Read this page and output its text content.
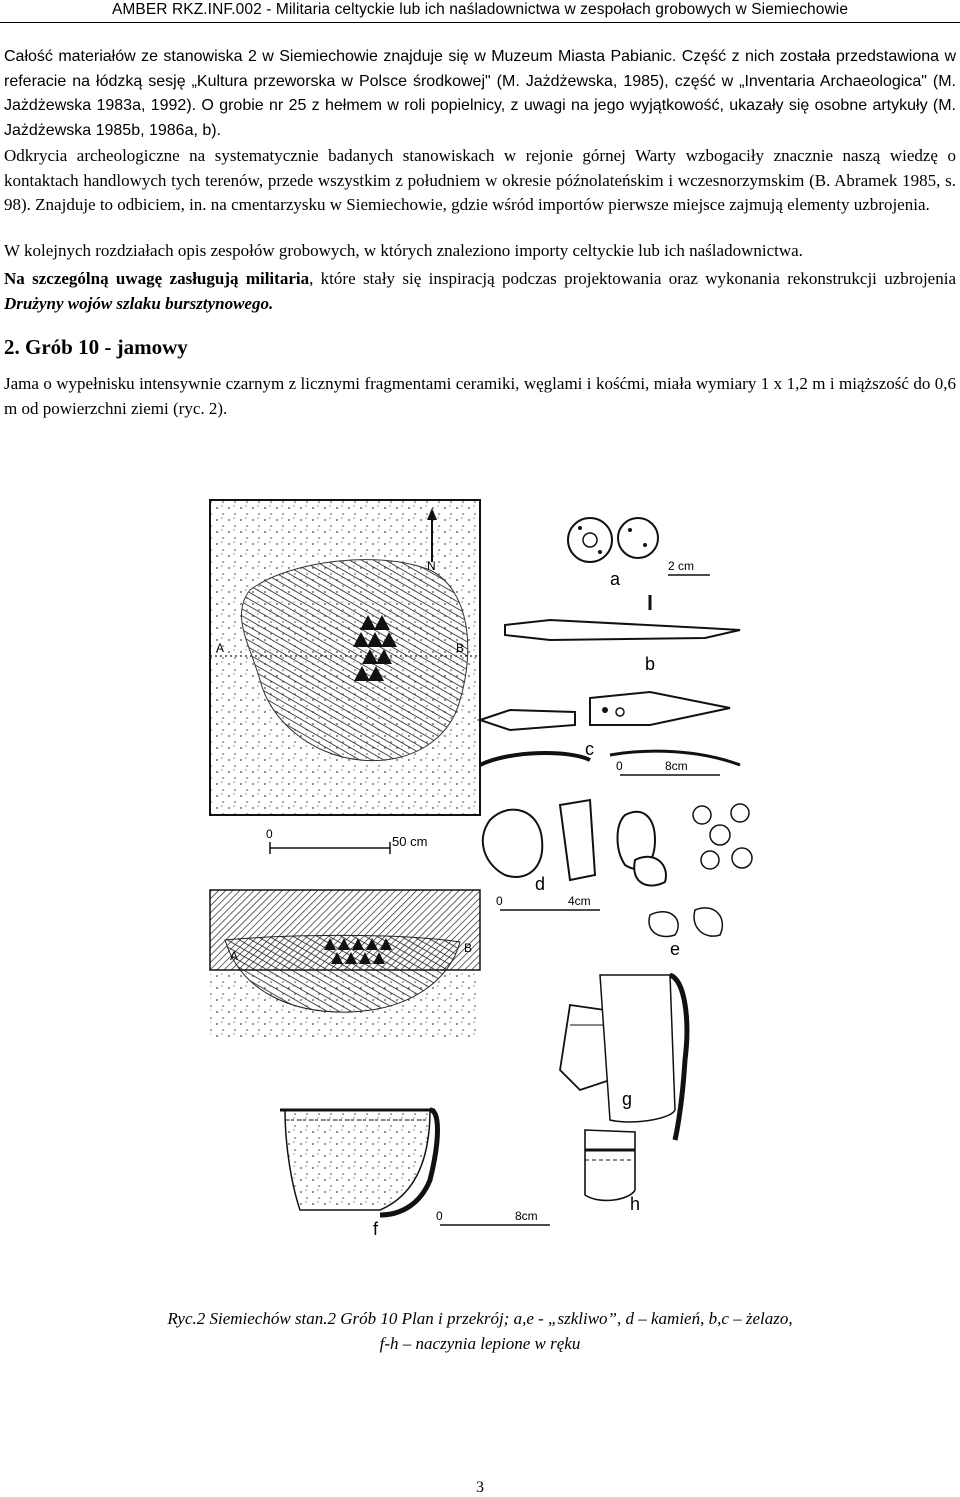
AMBER RKZ.INF.002 - Militaria celtyckie lub ich naśladownictwa w zespołach grobowych w Siemiechowie

Całość materiałów ze stanowiska 2 w Siemiechowie znajduje się w Muzeum Miasta Pabianic. Część z nich została przedstawiona w referacie na łódzką sesję „Kultura przeworska w Polsce środkowej" (M. Jażdżewska, 1985), część w „Inventaria Archaeologica" (M. Jażdżewska 1983a, 1992). O grobie nr 25 z hełmem w roli popielnicy, z uwagi na jego wyjątkowość, ukazały się osobne artykuły (M. Jażdżewska 1985b, 1986a, b).

Odkrycia archeologiczne na systematycznie badanych stanowiskach w rejonie górnej Warty wzbogaciły znacznie naszą wiedzę o kontaktach handlowych tych terenów, przede wszystkim z południem w okresie późnolateńskim i wczesnorzymskim (B. Abramek 1985, s. 98). Znajduje to odbiciem, in. na cmentarzysku w Siemiechowie, gdzie wśród importów pierwsze miejsce zajmują elementy uzbrojenia.

W kolejnych rozdziałach opis zespołów grobowych, w których znaleziono importy celtyckie lub ich naśladownictwa.

Na szczególną uwagę zasługują militaria, które stały się inspiracją podczas projektowania oraz wykonania rekonstrukcji uzbrojenia Drużyny wojów szlaku bursztynowego.

2. Grób 10 - jamowy

Jama o wypełnisku intensywnie czarnym z licznymi fragmentami ceramiki, węglami i kośćmi, miała wymiary 1 x 1,2 m i miąższość do 0,6 m od powierzchni ziemi (ryc. 2).

A	B
N
0	50 cm
A
B
a
2 cm
b
c
0	8cm
d
0	4cm
e
g
h
f
0	8cm
Ryc.2 Siemiechów stan.2 Grób 10 Plan i przekrój; a,e - „szkliwo”, d – kamień, b,c – żelazo,
f-h – naczynia lepione w ręku
3
